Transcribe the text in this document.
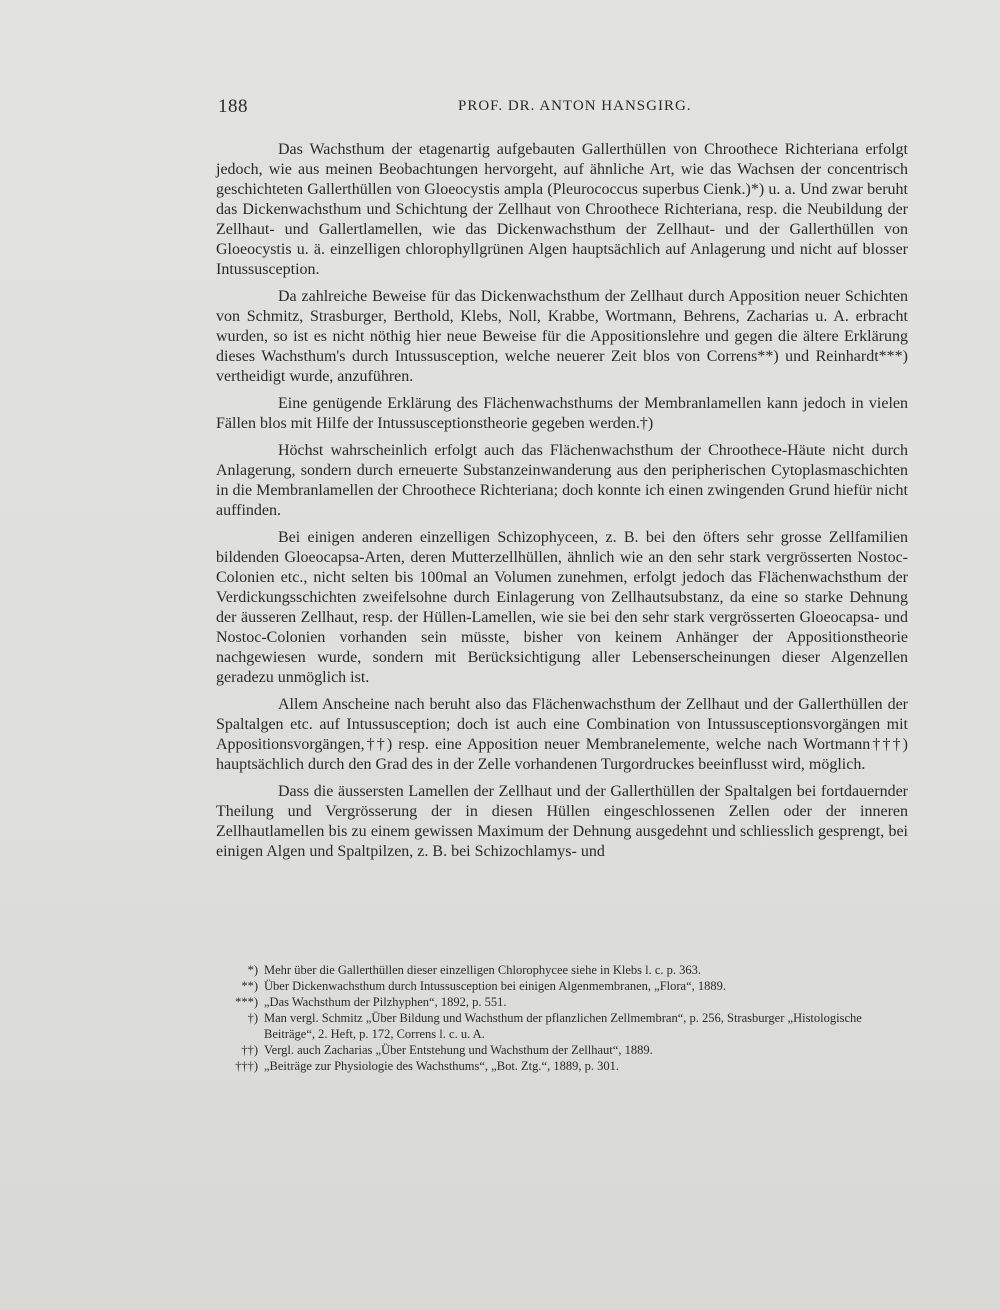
188	PROF. DR. ANTON HANSGIRG.

Das Wachsthum der etagenartig aufgebauten Gallerthüllen von Chroothece Richteriana erfolgt jedoch, wie aus meinen Beobachtungen hervorgeht, auf ähnliche Art, wie das Wachsen der concentrisch geschichteten Gallerthüllen von Gloeocystis ampla (Pleurococcus superbus Cienk.)*) u. a. Und zwar beruht das Dickenwachsthum und Schichtung der Zellhaut von Chroothece Richteriana, resp. die Neubildung der Zellhaut- und Gallertlamellen, wie das Dickenwachsthum der Zellhaut- und der Gallerthüllen von Gloeocystis u. ä. einzelligen chlorophyllgrünen Algen hauptsächlich auf Anlagerung und nicht auf blosser Intussusception.

Da zahlreiche Beweise für das Dickenwachsthum der Zellhaut durch Apposition neuer Schichten von Schmitz, Strasburger, Berthold, Klebs, Noll, Krabbe, Wortmann, Behrens, Zacharias u. A. erbracht wurden, so ist es nicht nöthig hier neue Beweise für die Appositionslehre und gegen die ältere Erklärung dieses Wachsthum's durch Intussusception, welche neuerer Zeit blos von Correns**) und Reinhardt***) vertheidigt wurde, anzuführen.

Eine genügende Erklärung des Flächenwachsthums der Membranlamellen kann jedoch in vielen Fällen blos mit Hilfe der Intussusceptionstheorie gegeben werden.†)

Höchst wahrscheinlich erfolgt auch das Flächenwachsthum der Chroothece-Häute nicht durch Anlagerung, sondern durch erneuerte Substanzeinwanderung aus den peripherischen Cytoplasmaschichten in die Membranlamellen der Chroothece Richteriana; doch konnte ich einen zwingenden Grund hiefür nicht auffinden.

Bei einigen anderen einzelligen Schizophyceen, z. B. bei den öfters sehr grosse Zellfamilien bildenden Gloeocapsa-Arten, deren Mutterzellhüllen, ähnlich wie an den sehr stark vergrösserten Nostoc-Colonien etc., nicht selten bis 100mal an Volumen zunehmen, erfolgt jedoch das Flächenwachsthum der Verdickungsschichten zweifelsohne durch Einlagerung von Zellhautsubstanz, da eine so starke Dehnung der äusseren Zellhaut, resp. der Hüllen-Lamellen, wie sie bei den sehr stark vergrösserten Gloeocapsa- und Nostoc-Colonien vorhanden sein müsste, bisher von keinem Anhänger der Appositionstheorie nachgewiesen wurde, sondern mit Berücksichtigung aller Lebenserscheinungen dieser Algenzellen geradezu unmöglich ist.

Allem Anscheine nach beruht also das Flächenwachsthum der Zellhaut und der Gallerthüllen der Spaltalgen etc. auf Intussusception; doch ist auch eine Combination von Intussusceptionsvorgängen mit Appositionsvorgängen,††) resp. eine Apposition neuer Membranelemente, welche nach Wortmann†††) hauptsächlich durch den Grad des in der Zelle vorhandenen Turgordruckes beeinflusst wird, möglich.

Dass die äussersten Lamellen der Zellhaut und der Gallerthüllen der Spaltalgen bei fortdauernder Theilung und Vergrösserung der in diesen Hüllen eingeschlossenen Zellen oder der inneren Zellhautlamellen bis zu einem gewissen Maximum der Dehnung ausgedehnt und schliesslich gesprengt, bei einigen Algen und Spaltpilzen, z. B. bei Schizochlamys- und

*) Mehr über die Gallerthüllen dieser einzelligen Chlorophycee siehe in Klebs l. c. p. 363.
**) Über Dickenwachsthum durch Intussusception bei einigen Algenmembranen, „Flora“, 1889.
***) „Das Wachsthum der Pilzhyphen“, 1892, p. 551.
†) Man vergl. Schmitz „Über Bildung und Wachsthum der pflanzlichen Zellmembran“, p. 256, Strasburger „Histologische Beiträge“, 2. Heft, p. 172, Correns l. c. u. A.
††) Vergl. auch Zacharias „Über Entstehung und Wachsthum der Zellhaut“, 1889.
†††) „Beiträge zur Physiologie des Wachsthums“, „Bot. Ztg.“, 1889, p. 301.
